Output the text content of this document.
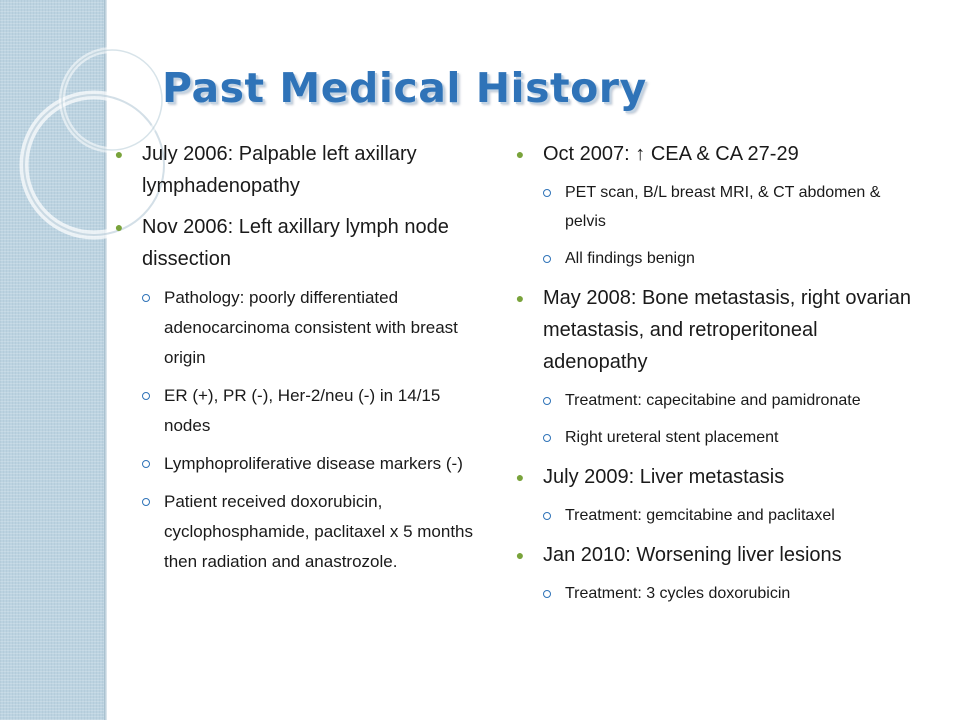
Past Medical History
● July 2006: Palpable left axillary lymphadenopathy
● Nov 2006: Left axillary lymph node dissection
Pathology: poorly differentiated adenocarcinoma consistent with breast origin
ER (+), PR (-), Her-2/neu (-) in 14/15 nodes
Lymphoproliferative disease markers (-)
Patient received doxorubicin, cyclophosphamide, paclitaxel x 5 months then radiation and anastrozole.
● Oct 2007: ↑ CEA & CA 27-29
PET scan, B/L breast MRI, & CT abdomen & pelvis
All findings benign
● May 2008: Bone metastasis, right ovarian metastasis, and retroperitoneal adenopathy
Treatment: capecitabine and pamidronate
Right ureteral stent placement
● July 2009: Liver metastasis
Treatment: gemcitabine and paclitaxel
● Jan 2010: Worsening liver lesions
Treatment: 3 cycles doxorubicin
